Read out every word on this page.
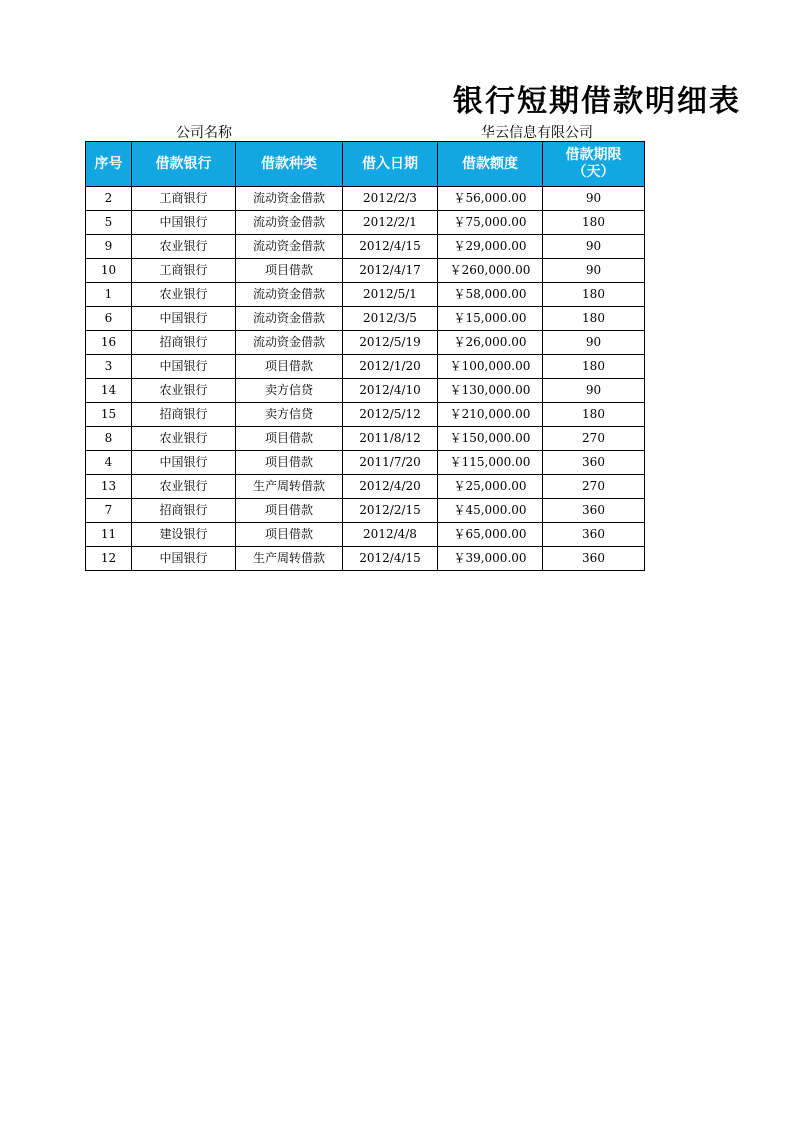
银行短期借款明细表
公司名称	华云信息有限公司
序号	借款银行	借款种类	借入日期	借款额度	借款期限
（天）
2	工商银行	流动资金借款	2012/2/3	￥56,000.00	90
5	中国银行	流动资金借款	2012/2/1	￥75,000.00	180
9	农业银行	流动资金借款	2012/4/15	￥29,000.00	90
10	工商银行	项目借款	2012/4/17	￥260,000.00	90
1	农业银行	流动资金借款	2012/5/1	￥58,000.00	180
6	中国银行	流动资金借款	2012/3/5	￥15,000.00	180
16	招商银行	流动资金借款	2012/5/19	￥26,000.00	90
3	中国银行	项目借款	2012/1/20	￥100,000.00	180
14	农业银行	卖方信贷	2012/4/10	￥130,000.00	90
15	招商银行	卖方信贷	2012/5/12	￥210,000.00	180
8	农业银行	项目借款	2011/8/12	￥150,000.00	270
4	中国银行	项目借款	2011/7/20	￥115,000.00	360
13	农业银行	生产周转借款	2012/4/20	￥25,000.00	270
7	招商银行	项目借款	2012/2/15	￥45,000.00	360
11	建设银行	项目借款	2012/4/8	￥65,000.00	360
12	中国银行	生产周转借款	2012/4/15	￥39,000.00	360
